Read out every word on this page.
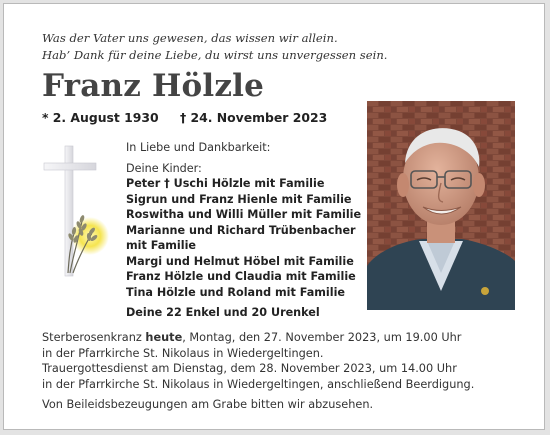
Was der Vater uns gewesen, das wissen wir allein.
Hab’ Dank für deine Liebe, du wirst uns unvergessen sein.
Franz Hölzle
* 2. August 1930 † 24. November 2023
In Liebe und Dankbarkeit:
Deine Kinder:
Peter † Uschi Hölzle mit Familie
Sigrun und Franz Hienle mit Familie
Roswitha und Willi Müller mit Familie
Marianne und Richard Trübenbacher
mit Familie
Margi und Helmut Höbel mit Familie
Franz Hölzle und Claudia mit Familie
Tina Hölzle und Roland mit Familie
Deine 22 Enkel und 20 Urenkel
Sterberosenkranz heute, Montag, den 27. November 2023, um 19.00 Uhr
in der Pfarrkirche St. Nikolaus in Wiedergeltingen.
Trauergottesdienst am Dienstag, dem 28. November 2023, um 14.00 Uhr
in der Pfarrkirche St. Nikolaus in Wiedergeltingen, anschließend Beerdigung.
Von Beileidsbezeugungen am Grabe bitten wir abzusehen.
